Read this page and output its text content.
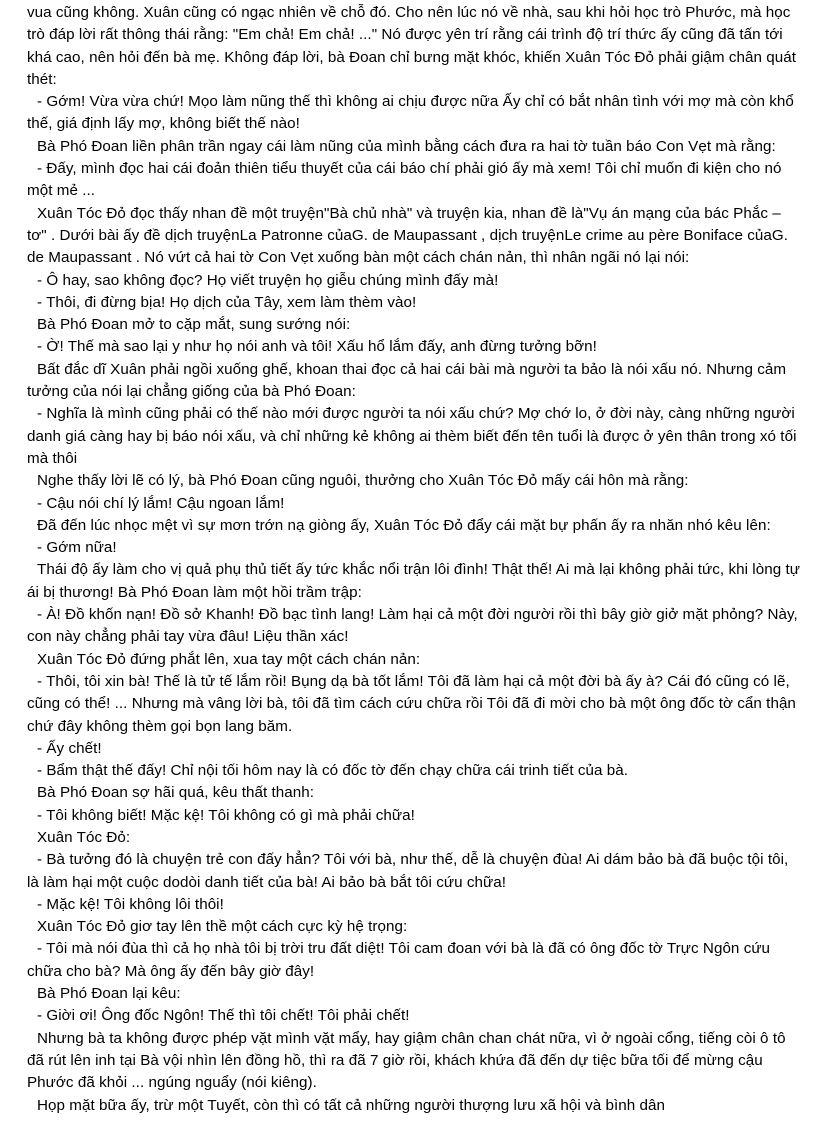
vua cũng không. Xuân cũng có ngạc nhiên về chỗ đó. Cho nên lúc nó về nhà, sau khi hỏi học trò Phước, mà học trò đáp lời rất thông thái rằng: "Em chả! Em chả! ..." Nó được yên trí rằng cái trình độ trí thức ấy cũng đã tấn tới khá cao, nên hỏi đến bà mẹ. Không đáp lời, bà Đoan chỉ bưng mặt khóc, khiến Xuân Tóc Đỏ phải giậm chân quát thét:

- Gớm! Vừa vừa chứ! Mọo làm nũng thế thì không ai chịu được nữa Ấy chỉ có bắt nhân tình với mợ mà còn khổ thế, giá định lấy mợ, không biết thế nào!

Bà Phó Đoan liền phân trần ngay cái làm nũng của mình bằng cách đưa ra hai tờ tuần báo Con Vẹt mà rằng:

- Đấy, mình đọc hai cái đoản thiên tiểu thuyết của cái báo chí phải gió ấy mà xem! Tôi chỉ muốn đi kiện cho nó một mẻ ...

Xuân Tóc Đỏ đọc thấy nhan đề một truyện"Bà chủ nhà" và truyện kia, nhan đề là"Vụ án mạng của bác Phắc – tơ" . Dưới bài ấy đề dịch truyệnLa Patronne củaG. de Maupassant , dịch truyệnLe crime au père Boniface củaG. de Maupassant . Nó vứt cả hai tờ Con Vẹt xuống bàn một cách chán nản, thì nhân ngãi nó lại nói:

- Ô hay, sao không đọc? Họ viết truyện họ giễu chúng mình đấy mà!

- Thôi, đi đừng bịa! Họ dịch của Tây, xem làm thèm vào!

Bà Phó Đoan mở to cặp mắt, sung sướng nói:

- Ờ! Thế mà sao lại y như họ nói anh và tôi! Xấu hổ lắm đấy, anh đừng tưởng bỡn!

Bất đắc dĩ Xuân phải ngồi xuống ghế, khoan thai đọc cả hai cái bài mà người ta bảo là nói xấu nó. Nhưng cảm tưởng của nói lại chẳng giống của bà Phó Đoan:

- Nghĩa là mình cũng phải có thế nào mới được người ta nói xấu chứ? Mợ chớ lo, ở đời này, càng những người danh giá càng hay bị báo nói xấu, và chỉ những kẻ không ai thèm biết đến tên tuổi là được ở yên thân trong xó tối mà thôi

Nghe thấy lời lẽ có lý, bà Phó Đoan cũng nguôi, thưởng cho Xuân Tóc Đỏ mấy cái hôn mà rằng:

- Cậu nói chí lý lắm! Cậu ngoan lắm!

Đã đến lúc nhọc mệt vì sự mơn trớn nạ giòng ấy, Xuân Tóc Đỏ đẩy cái mặt bự phấn ấy ra nhăn nhó kêu lên:

- Gớm nữa!

Thái độ ấy làm cho vị quả phụ thủ tiết ấy tức khắc nổi trận lôi đình! Thật thế! Ai mà lại không phải tức, khi lòng tự ái bị thương! Bà Phó Đoan làm một hồi trầm trập:

- À! Đồ khốn nạn! Đồ sở Khanh! Đồ bạc tình lang! Làm hại cả một đời người rồi thì bây giờ giở mặt phỏng? Này, con này chẳng phải tay vừa đâu! Liệu thần xác!

Xuân Tóc Đỏ đứng phắt lên, xua tay một cách chán nản:

- Thôi, tôi xin bà! Thế là tử tế lắm rồi! Bụng dạ bà tốt lắm! Tôi đã làm hại cả một đời bà ấy à? Cái đó cũng có lẽ, cũng có thể! ... Nhưng mà vâng lời bà, tôi đã tìm cách cứu chữa rồi Tôi đã đi mời cho bà một ông đốc tờ cẩn thận chứ đây không thèm gọi bọn lang băm.

- Ấy chết!

- Bẩm thật thế đấy! Chỉ nội tối hôm nay là có đốc tờ đến chạy chữa cái trinh tiết của bà.

Bà Phó Đoan sợ hãi quá, kêu thất thanh:

- Tôi không biết! Mặc kệ! Tôi không có gì mà phải chữa!

Xuân Tóc Đỏ:

- Bà tưởng đó là chuyện trẻ con đấy hẳn? Tôi với bà, như thế, dễ là chuyện đùa! Ai dám bảo bà đã buộc tội tôi, là làm hại một cuộc dodòi danh tiết của bà! Ai bảo bà bắt tôi cứu chữa!

- Mặc kệ! Tôi không lôi thôi!

Xuân Tóc Đỏ giơ tay lên thề một cách cực kỳ hệ trọng:

- Tôi mà nói đùa thì cả họ nhà tôi bị trời tru đất diệt! Tôi cam đoan với bà là đã có ông đốc tờ Trực Ngôn cứu chữa cho bà? Mà ông ấy đến bây giờ đây!

Bà Phó Đoan lại kêu:

- Giời ơi! Ông đốc Ngôn! Thế thì tôi chết! Tôi phải chết!

Nhưng bà ta không được phép vặt mình vặt mẩy, hay giậm chân chan chát nữa, vì ở ngoài cổng, tiếng còi ô tô đã rút lên inh tại Bà vội nhìn lên đồng hồ, thì ra đã 7 giờ rồi, khách khứa đã đến dự tiệc bữa tối để mừng cậu Phước đã khỏi ... ngúng nguẩy (nói kiêng).

Họp mặt bữa ấy, trừ một Tuyết, còn thì có tất cả những người thượng lưu xã hội và bình dân
